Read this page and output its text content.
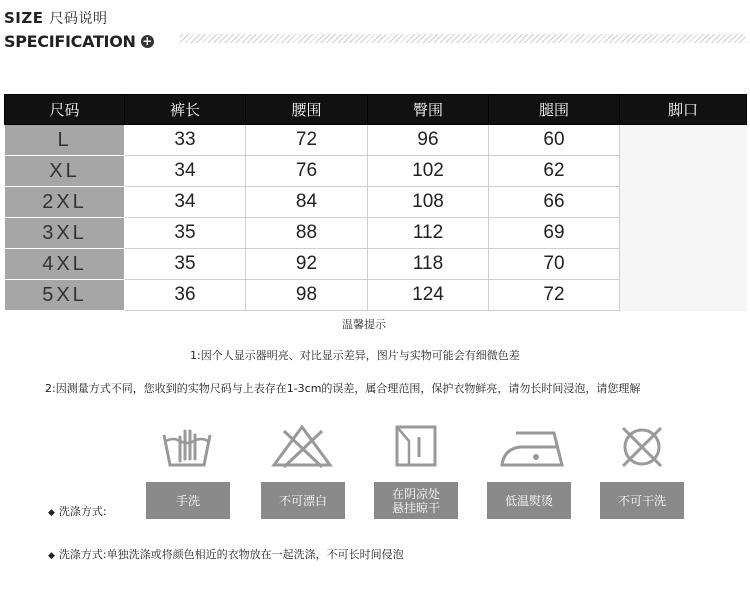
SIZE 尺码说明
SPECIFICATION +
尺码	裤长	腰围	臀围	腿围	脚口
L	33	72	96	60	
XL	34	76	102	62	
2XL	34	84	108	66	
3XL	35	88	112	69	
4XL	35	92	118	70	
5XL	36	98	124	72	
温馨提示
1:因个人显示器明亮、对比显示差异，图片与实物可能会有细微色差
2:因测量方式不同，您收到的实物尺码与上表存在1-3cm的误差，属合理范围，保护衣物鲜亮，请勿长时间浸泡，请您理解
手洗	不可漂白	在阴凉处
悬挂晾干	低温熨烫	不可干洗
◆ 洗涤方式:
◆ 洗涤方式:单独洗涤或将颜色相近的衣物放在一起洗涤，不可长时间侵泡
